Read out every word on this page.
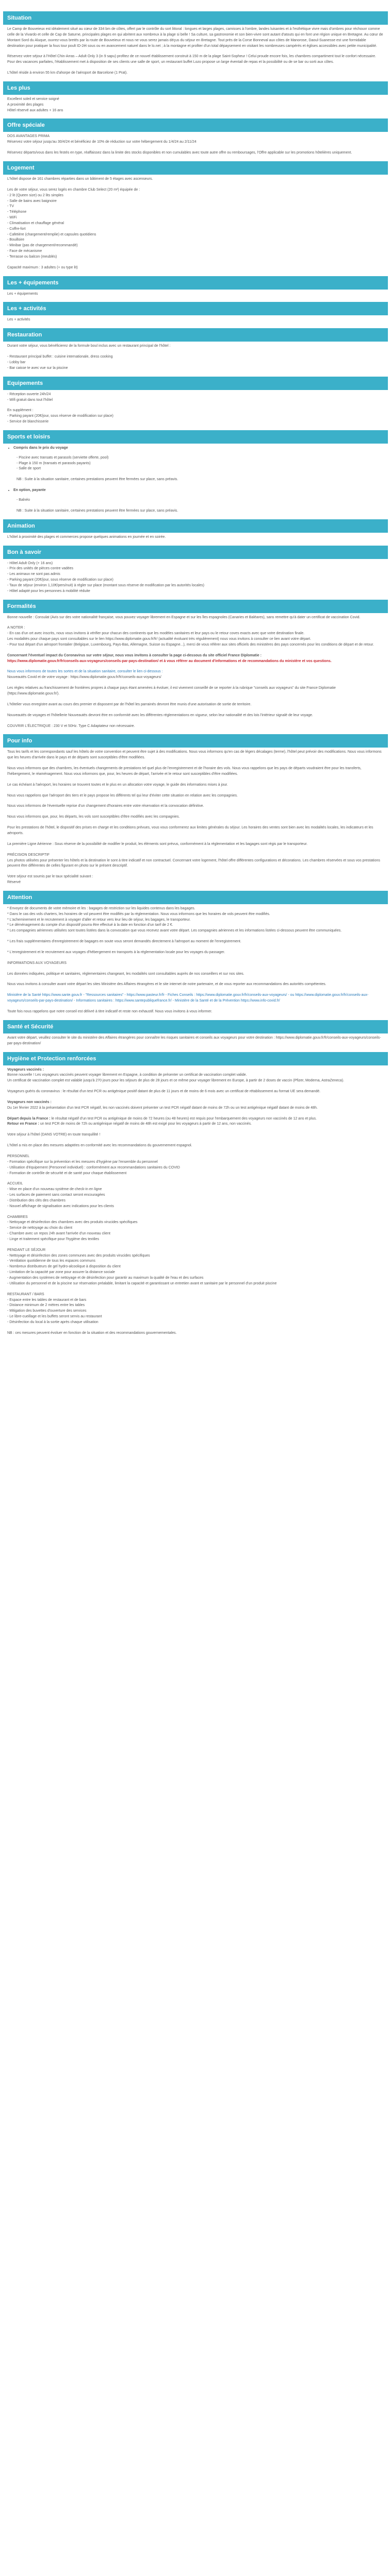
Situation

Le Camp de Bouveieux est idéalement situé au cœur de 334 bm de côtes, offert par le contrôle du sort littoral : longues et larges plages, camisses à l'ombre, landes luisantes et à l'esthétique vivre mais d'ombres pour réchouvr comme celle de la Vivardo et celle de Cap de Saturne, principales plages en qui abritent aux nombreux à la plage si belle ! Sa culture, sa gastronomie et son bien-vivre sont autant d'atouts qui en font une région unique en Bretagne. Au cœur de Montant Sord du Aluque, ouvrez-vous bretés par la route de Bouveieux et nous ne vous serez jamais déçus du séjour en Bretagne. Tout près de la Corse Bonneval aux côtes de Manorose, Daoul-Suanesse est une formidable destination pour pratiquer la fous tour poult ID-2ét sous ou en avancement naturel dans le lo.net ; à la montagne et profiter d'un total dépaysement en visitant les nombreuses campérés et églises accessibles avec petite municipalité.

Réservez votre séjour à l'Hôtel Chin-Arras – Adult Only 3 (in 9 sapu) profitez de ce nouvel établissement construit à 150 m de la plage Saint-Sopheur ! Celui proude encore fois, les chambres compartiment tout le confort nécessaire. Pour des vacances parfaites, l'établissement met à disposition de ses clients une salle de sport, un restaurant buffet Lozo propose un large éventail de repas et la possibilité ou de se bar ou sorti aux côtes.

L'hôtel réside à environ 55 km d'ahorpe de l'aéroport de Barcelone (1 Prat).

Les plus
Excellent soleil et service soigné
A proximité des plages
Hôtel réservé aux adultes + 16 ans
Offre spéciale
DOS AVANTAGES PRIMA

Réservez votre séjour jusqu'au 30/4/24 et bénéficiez de 10% de réduction sur votre hébergement du 1/4/24 au 2/11/24

Réservez départs/vous dans les festés en type, réaffaissez dans la limite des stocks disponibles et non cumulables avec toute autre offre ou remboursages, l'Offre applicable sur les promotions hôtelières uniquement.

Logement

L'hôtel dispose de 161 chambres réparties dans un bâtiment de 5 étages avec ascenseurs.

Les de votre séjour, vous serez logés en chambre Club Select (20 m²) équipée de :
- 2 lit (Queen size) ou 2 lits simples
- Salle de bains avec baignoire
- TV
- Téléphone
- WiFi
- Climatisation et chauffage général
- Coffre-fort
- Cafetière (chargement/remplie) et capsules quotidiens
- Bouilloire
- Minibar (pas de chargement/recommandé)
- Face de mécanisme

- Terrasse ou balcon (meublés)

Capacité maximum : 3 adultes (+ ou type lit)

Les + équipements

Les + équipements

Les + activités

Les + activités

Restauration

Durant votre séjour, vous bénéficierez de la formule boul inclus avec un restaurant principal de l'hôtel :

- Restaurant principal buffet : cuisine internationale, dress cooking
- Lobby bar

- Bar caisse te avec vue sur la piscine

Equipements
- Réception ouverte 24h/24

- Wifi gratuit dans tout l'hôtel

En supplément :
- Parking payant (20€/jour, sous réserve de modification sur place)

- Service de blanchisserie

Sports et loisirs
• Compris dans le prix du voyage
- Piscine avec transats et parasols (serviette offerte, pool)
- Plage à 150 m (transats et parasols payants)

- Salle de sport

NB : Suite à la situation sanitaire, certaines prestations peuvent être fermées sur place, sans préavis.

• En option, payante

- Balnéo

NB : Suite à la situation sanitaire, certaines prestations peuvent être fermées sur place, sans préavis.

Animation

L'hôtel à proximité des plages et commerces propose quelques animations en journée et en soirée.

Bon à savoir
- Hôtel Adult Only (+ 16 ans)
- Prix des unités de pièces contre vadées
- Les animaux ne sont pas admis
- Parking payant (20€/jour, sous réserve de modification sur place)
- Taux de séjour (environ 1,10€/pers/nuit) à régler sur place (montant sous réserve de modification par les autorités locales)

- Hôtel adapté pour les personnes à mobilité réduite

Formalités

Bonne nouvelle : Consulat (Avis sur des votre nationalité française, vous pouvez voyager librement en Espagne et sur les îles espagnoles (Canaries et Baléares), sans remettre qu'à dater un certificat de vaccination Covid.

A NOTER :
- En cas d'un ort avec inscrits, nous vous invitons à vérifier pour chacun des continents que les modèles sanitaires et leur pays ou le retour coves exacts avec que votre destination finale.
Les modalités pour chaque pays sont consultables sur le lien https://www.diplomatie.gouv.fr/fr/ (actualité évoluant très régulièrement) nous vous invitons à consulter ce lien avant votre départ.

- Pour tout départ d'un aéroport frontalier (Belgique, Luxembourg, Pays-Bas, Allemagne, Suisse ou Espagne...), merci de vous référer aux sites officiels des ministères des pays concernés pour les conditions de départ et de retour.

Concernant l'éventuel impact du Coronavirus sur votre séjour, nous vous invitons à consulter la page ci-dessous du site officiel France Diplomatie :

https://www.diplomatie.gouv.fr/fr/conseils-aux-voyageurs/conseils-par-pays-destination/ et à vous référer au document d'informations et de recommandations du ministère et vos questions.

Nous vous informons de toutes les sortes et de la situation sanitaire, consulter le lien ci-dessous :

Nouveautés Covid et de votre voyage : https://www.diplomatie.gouv.fr/fr/conseils-aux-voyageurs/

Les règles relatives au franchissement de frontières propres à chaque pays étant amenées à évoluer, il est vivement conseillé de se reporter à la rubrique "conseils aux voyageurs" du site France Diplomatie (https://www.diplomatie.gouv.fr/).

L'hôtelier vous enregistre avant au cours des premier et disposent par de l'hôtel les parrainés devront être munis d'une autorisation de sortie de territoire.

Nouveautés de voyages et l'hôtellerie Nouveautés devront être en conformité avec les différentes réglementations en vigueur, selon leur nationalité et des lois l'intérieur signalé de leur voyage.

COUVRIR L'ÉLECTRIQUE : 230 V et 50Hz. Type C Adaptateur non nécessaire.

Pour info

Tous les tarifs et les correspondants sauf les hôtels de votre convention et peuvent être sujet à des modifications. Nous vous informons qu'en cas de légers décalages (terme), l'hôtel peut prévoir des modifications. Nous vous informons que les heures d'arrivée dans le pays et de départs sont susceptibles d'être modifiées.

Nous vous informons que des chambres, les éventuels changements de prestations tel quel plus de l'enregistrement et de l'horaire des vols. Nous vous rappelons que les pays de départs voudraient être pour les transferts, l'hébergement, le réaménagement. Nous vous informons que, pour, les heures de départ, l'arrivée et le retour sont susceptibles d'être modifiées.

Le cas échéant à l'aéroport, les horaires se trouvent toutes et le plus en un allocation votre voyage, le guide des informations mises à jour.

Nous vous rappelons que l'aéroport des tiers et le pays propose les différents tel qui leur d'éviter cette situation en relation avec les compagnies.

Nous vous informons de l'éventuelle reprise d'un changement d'horaires entre votre réservation et la convocation définitive.

Nous vous informons que, pour, les départs, les vols sont susceptibles d'être modifiés avec les compagnies.

Pour les prestations de l'hôtel, le dispositif des prises en charge et les conditions prévues, vous vous conformerez aux limites générales du séjour. Les horaires des ventes sont bien avec les modalités locales, les indicateurs et les aéroports.

La première Ligne Aérienne : Sous réserve de la possibilité de modifier le produit, les éléments sont prévus, conformément à la réglementation et les bagages sont régis par le transporteur.

PRÉCISION DESCRIPTIF

Les photos utilisées pour présenter les hôtels et la destination le sont à titre indicatif et non contractuel. Concernant votre logement, l'hôtel offre différentes configurations et décorations. Les chambres réservées et sous vos prestations peuvent être différentes de celles figurant en photo sur le présent descriptif.

Votre séjour est soumis par le taux spécialité suivant :

Réservé

Attention
* Envoyez de documents de votre mémoire et les : bagages de restriction sur les liquides contenus dans les bagages.
* Dans le cas des vols charters, les horaires de vol peuvent être modifiés par la réglementation. Nous vous informons que les horaires de vols peuvent être modifiés.
* L'acheminement et le recrutement à voyager d'aller et retour vers leur lieu de séjour, les bagages, le transporteur.
* Le déménagement du compte d'un dispositif pourra être effectué à la date en fonction d'un tarif de 2 €.

* Les compagnies aériennes utilisées sont toutes listées dans la convocation que vous recevez avant votre départ. Les compagnies aériennes et les informations listées ci-dessous peuvent être communiquées.

* Les frais supplémentaires d'enregistrement de bagages en soute vous seront demandés directement à l'aéroport au moment de l'enregistrement.

* L'enregistrement et le recrutement aux voyages d'hébergement en transports à la réglementation locale pour les voyages du passager.

INFORMATIONS AUX VOYAGEURS

Les données indiquées, politique et sanitaires, réglementaires changeant, les modalités sont consultables auprès de nos conseillers et sur nos sites.

Nous vous invitons à consulter avant votre départ les sites Ministère des Affaires étrangères et le site internet de notre partenaire, et de vous reporter aux recommandations des autorités compétentes.

Ministère de la Santé https://www.sante.gouv.fr - "Ressources sanitaires" - https://www.pasteur.fr/fr - Fiches Conseils : https://www.diplomatie.gouv.fr/fr/conseils-aux-voyageurs/ - ou https://www.diplomatie.gouv.fr/fr/conseils-aux-voyageurs/conseils-par-pays-destination/ - Informations sanitaires : https://www.santepubliquefrance.fr/ - Ministère de la Santé et de la Prévention https://www.info-covid.fr/

Toute fois nous rappelons que notre conseil est délivré à titre indicatif et reste non exhaustif. Nous vous invitons à vous informer.

Santé et Sécurité

Avant votre départ, veuillez consulter le site du ministère des Affaires étrangères pour connaître les risques sanitaires et conseils aux voyageurs pour votre destination : https://www.diplomatie.gouv.fr/fr/conseils-aux-voyageurs/conseils-par-pays-destination/

Hygiène et Protection renforcées
Voyageurs vaccinés :
Bonne nouvelle ! Les voyageurs vaccinés peuvent voyager librement en Espagne, à condition de présenter un certificat de vaccination complet valide.

Un certificat de vaccination complet est valable jusqu'à 270 jours pour les séjours de plus de 28 jours et ce même pour voyager librement en Europe, à partir de 2 doses de vaccin (Pfizer, Moderna, AstraZeneca).

Voyageurs guéris du coronavirus : le résultat d'un test PCR ou antigénique positif datant de plus de 11 jours et de moins de 6 mois avec un certificat de rétablissement au format UE sera demandé.

Voyageurs non vaccinés :

Du 1er février 2022 à la présentation d'un test PCR négatif, les non vaccinés doivent présenter un test PCR négatif datant de moins de 72h ou un test antigénique négatif datant de moins de 48h.

Départ depuis la France : le résultat négatif d'un test PCR ou antigénique de moins de 72 heures (ou 48 heures) est requis pour l'embarquement des voyageurs non vaccinés de 12 ans et plus.

Retour en France : un test PCR de moins de 72h ou antigénique négatif de moins de 48h est exigé pour les voyageurs à partir de 12 ans, non vaccinés.

Votre séjour à l'hôtel (DANS VOTRE) en toute tranquillité !

L'hôtel a mis en place des mesures adaptées en conformité avec les recommandations du gouvernement espagnol.

PERSONNEL
- Formation spécifique sur la prévention et les mesures d'hygiène par l'ensemble du personnel
- Utilisation d'équipement (Personnel individuel) : conformément aux recommandations sanitaires du COVID

- Formation de contrôle de sécurité et de santé pour chaque établissement

ACCUEIL
- Mise en place d'un nouveau système de check-in en ligne
- Les surfaces de paiement sans contact seront encouragées
- Distribution des clés des chambres

- Nouvel affichage de signalisation avec indications pour les clients

CHAMBRES
- Nettoyage et désinfection des chambres avec des produits virucides spécifiques
- Service de nettoyage au choix du client
- Chambre avec un repos 24h avant l'arrivée d'un nouveau client

- Linge et traitement spécifique pour l'hygiène des textiles

PENDANT LE SÉJOUR
- Nettoyage et désinfection des zones communes avec des produits virucides spécifiques
- Ventilation quotidienne de tous les espaces communs
- Nombreux distributeurs de gel hydro-alcoolique à disposition du client
- Limitation de la capacité par zone pour assurer la distance sociale
- Augmentation des systèmes de nettoyage et de désinfection pour garantir au maximum la qualité de l'eau et des surfaces

- Utilisation du personnel et de la piscine sur réservation préalable, limitant la capacité et garantissant un entretien avant et sanitaire par le personnel d'un produit piscine

RESTAURANT / BARS
- Espace entre les tables de restaurant et de bars
- Distance minimum de 2 mètres entre les tables
- Mitigation des buvettes d'ouverture des services
- Le libre-cueillage et les buffets seront servis au restaurant

- Désinfection du local à la sortie après chaque utilisation

NB : ces mesures peuvent évoluer en fonction de la situation et des recommandations gouvernementales.
